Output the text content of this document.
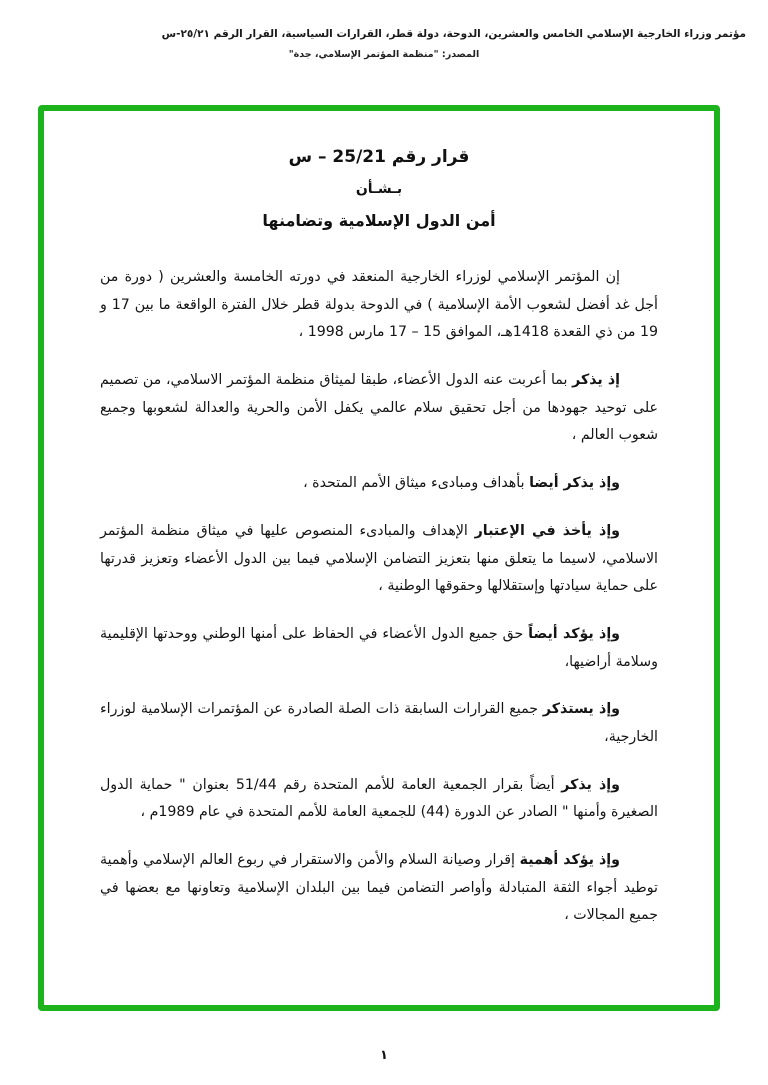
مؤتمر وزراء الخارجية الإسلامي الخامس والعشرين، الدوحة، دولة قطر، القرارات السياسية، القرار الرقم ٢٥/٢١-س
المصدر: "منظمة المؤتمر الإسلامي، جدة"
قرار رقم 25/21 – س
بـشـأن
أمن الدول الإسلامية وتضامنها

إن المؤتمر الإسلامي لوزراء الخارجية المنعقد في دورته الخامسة والعشرين ( دورة من أجل غد أفضل لشعوب الأمة الإسلامية ) في الدوحة بدولة قطر خلال الفترة الواقعة ما بين 17 و 19 من ذي القعدة 1418هـ، الموافق 15 – 17 مارس 1998 ،

إذ يذكر بما أعربت عنه الدول الأعضاء، طبقا لميثاق منظمة المؤتمر الاسلامي، من تصميم على توحيد جهودها من أجل تحقيق سلام عالمي يكفل الأمن والحرية والعدالة لشعوبها وجميع شعوب العالم ،

وإذ يذكر أيضا بأهداف ومبادىء ميثاق الأمم المتحدة ،

وإذ يأخذ في الإعتبار الإهداف والمبادىء المنصوص عليها في ميثاق منظمة المؤتمر الاسلامي، لاسيما ما يتعلق منها بتعزيز التضامن الإسلامي فيما بين الدول الأعضاء وتعزيز قدرتها على حماية سيادتها وإستقلالها وحقوقها الوطنية ،

وإذ يؤكد أيضاً حق جميع الدول الأعضاء في الحفاظ على أمنها الوطني ووحدتها الإقليمية وسلامة أراضيها،

وإذ يستذكر جميع القرارات السابقة ذات الصلة الصادرة عن المؤتمرات الإسلامية لوزراء الخارجية،

وإذ يذكر أيضاً بقرار الجمعية العامة للأمم المتحدة رقم 51/44 بعنوان " حماية الدول الصغيرة وأمنها " الصادر عن الدورة (44) للجمعية العامة للأمم المتحدة في عام 1989م ،

وإذ يؤكد أهمية إقرار وصيانة السلام والأمن والاستقرار في ربوع العالم الإسلامي وأهمية توطيد أجواء الثقة المتبادلة وأواصر التضامن فيما بين البلدان الإسلامية وتعاونها مع بعضها في جميع المجالات ،

١
